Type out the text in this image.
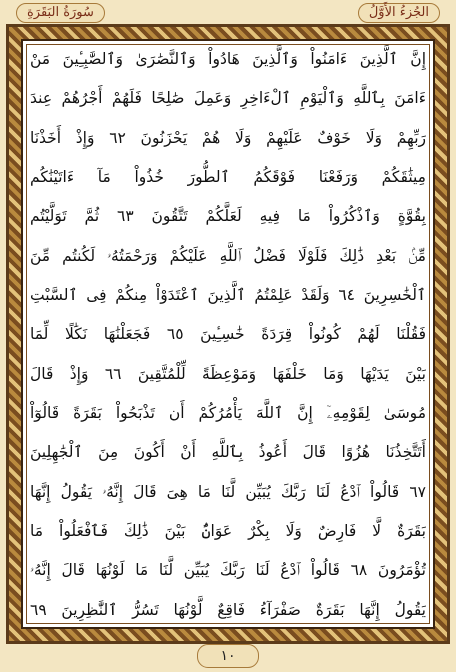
الجُزءُ الأَوَّلُ
سُورَةُ البَقَرَةِ
إِنَّ ٱلَّذِينَ ءَامَنُواْ وَٱلَّذِينَ هَادُواْ وَٱلنَّصَٰرَىٰ وَٱلصَّٰبِـِٔينَ مَنْ
ءَامَنَ بِٱللَّهِ وَٱلْيَوْمِ ٱلْءَاخِرِ وَعَمِلَ صَٰلِحًا فَلَهُمْ أَجْرُهُمْ عِندَ
رَبِّهِمْ وَلَا خَوْفٌ عَلَيْهِمْ وَلَا هُمْ يَحْزَنُونَ ٦٢ وَإِذْ أَخَذْنَا
مِيثَٰقَكُمْ وَرَفَعْنَا فَوْقَكُمُ ٱلطُّورَ خُذُواْ مَآ ءَاتَيْنَٰكُم
بِقُوَّةٍ وَٱذْكُرُواْ مَا فِيهِ لَعَلَّكُمْ تَتَّقُونَ ٦٣ ثُمَّ تَوَلَّيْتُم
مِّنۢ بَعْدِ ذَٰلِكَ فَلَوْلَا فَضْلُ ٱللَّهِ عَلَيْكُمْ وَرَحْمَتُهُۥ لَكُنتُم مِّنَ
ٱلْخَٰسِرِينَ ٦٤ وَلَقَدْ عَلِمْتُمُ ٱلَّذِينَ ٱعْتَدَوْاْ مِنكُمْ فِى ٱلسَّبْتِ
فَقُلْنَا لَهُمْ كُونُواْ قِرَدَةً خَٰسِـِٔينَ ٦٥ فَجَعَلْنَٰهَا نَكَٰلًا لِّمَا
بَيْنَ يَدَيْهَا وَمَا خَلْفَهَا وَمَوْعِظَةً لِّلْمُتَّقِينَ ٦٦ وَإِذْ قَالَ
مُوسَىٰ لِقَوْمِهِۦٓ إِنَّ ٱللَّهَ يَأْمُرُكُمْ أَن تَذْبَحُواْ بَقَرَةً قَالُوٓاْ
أَتَتَّخِذُنَا هُزُوًا قَالَ أَعُوذُ بِٱللَّهِ أَنْ أَكُونَ مِنَ ٱلْجَٰهِلِينَ
٦٧ قَالُواْ ٱدْعُ لَنَا رَبَّكَ يُبَيِّن لَّنَا مَا هِىَ قَالَ إِنَّهُۥ يَقُولُ إِنَّهَا
بَقَرَةٌ لَّا فَارِضٌ وَلَا بِكْرٌ عَوَانٌۢ بَيْنَ ذَٰلِكَ فَٱفْعَلُواْ مَا
تُؤْمَرُونَ ٦٨ قَالُواْ ٱدْعُ لَنَا رَبَّكَ يُبَيِّن لَّنَا مَا لَوْنُهَا قَالَ إِنَّهُۥ
يَقُولُ إِنَّهَا بَقَرَةٌ صَفْرَآءُ فَاقِعٌ لَّوْنُهَا تَسُرُّ ٱلنَّٰظِرِينَ ٦٩
١٠
